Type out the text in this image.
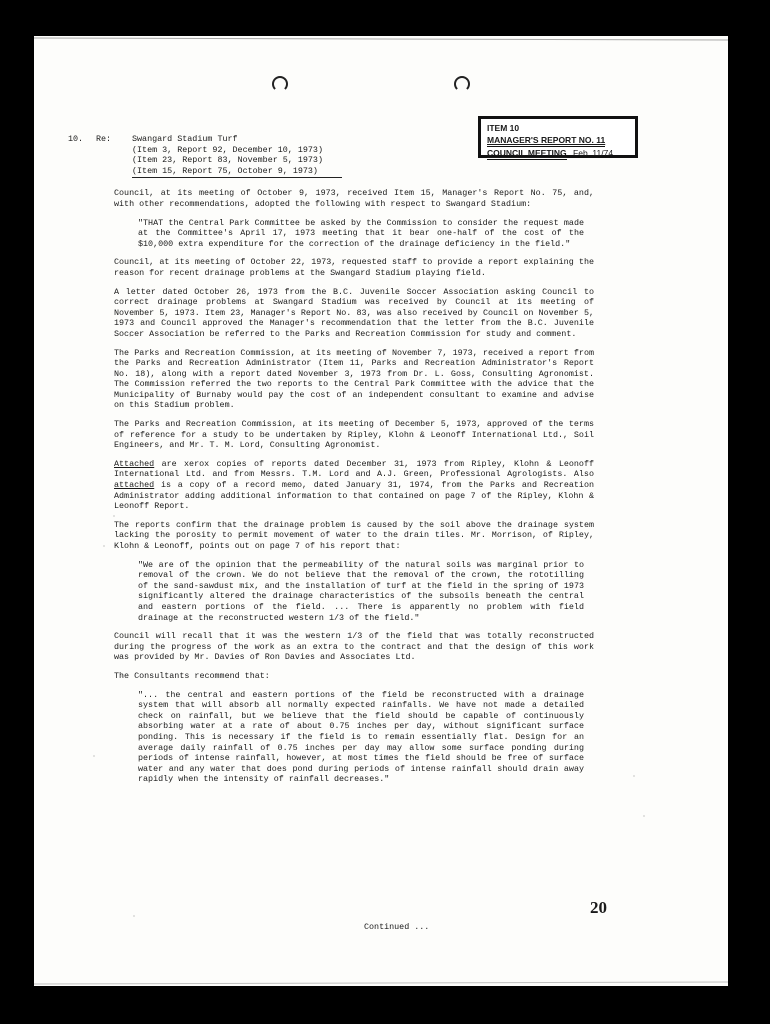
ITEM 10
MANAGER'S REPORT NO. 11
COUNCIL MEETING Feb. 11/74
10. Re: Swangard Stadium Turf
(Item 3, Report 92, December 10, 1973)
(Item 23, Report 83, November 5, 1973)
(Item 15, Report 75, October 9, 1973)

Council, at its meeting of October 9, 1973, received Item 15, Manager's Report No. 75, and, with other recommendations, adopted the following with respect to Swangard Stadium:

"THAT the Central Park Committee be asked by the Commission to consider the request made at the Committee's April 17, 1973 meeting that it bear one-half of the cost of the $10,000 extra expenditure for the correction of the drainage deficiency in the field."

Council, at its meeting of October 22, 1973, requested staff to provide a report explaining the reason for recent drainage problems at the Swangard Stadium playing field.

A letter dated October 26, 1973 from the B.C. Juvenile Soccer Association asking Council to correct drainage problems at Swangard Stadium was received by Council at its meeting of November 5, 1973. Item 23, Manager's Report No. 83, was also received by Council on November 5, 1973 and Council approved the Manager's recommendation that the letter from the B.C. Juvenile Soccer Association be referred to the Parks and Recreation Commission for study and comment.

The Parks and Recreation Commission, at its meeting of November 7, 1973, received a report from the Parks and Recreation Administrator (Item 11, Parks and Recreation Administrator's Report No. 18), along with a report dated November 3, 1973 from Dr. L. Goss, Consulting Agronomist. The Commission referred the two reports to the Central Park Committee with the advice that the Municipality of Burnaby would pay the cost of an independent consultant to examine and advise on this Stadium problem.

The Parks and Recreation Commission, at its meeting of December 5, 1973, approved of the terms of reference for a study to be undertaken by Ripley, Klohn & Leonoff International Ltd., Soil Engineers, and Mr. T. M. Lord, Consulting Agronomist.

Attached are xerox copies of reports dated December 31, 1973 from Ripley, Klohn & Leonoff International Ltd. and from Messrs. T.M. Lord and A.J. Green, Professional Agrologists. Also attached is a copy of a record memo, dated January 31, 1974, from the Parks and Recreation Administrator adding additional information to that contained on page 7 of the Ripley, Klohn & Leonoff Report.

The reports confirm that the drainage problem is caused by the soil above the drainage system lacking the porosity to permit movement of water to the drain tiles. Mr. Morrison, of Ripley, Klohn & Leonoff, points out on page 7 of his report that:

"We are of the opinion that the permeability of the natural soils was marginal prior to removal of the crown. We do not believe that the removal of the crown, the rototilling of the sand-sawdust mix, and the installation of turf at the field in the spring of 1973 significantly altered the drainage characteristics of the subsoils beneath the central and eastern portions of the field. ... There is apparently no problem with field drainage at the reconstructed western 1/3 of the field."

Council will recall that it was the western 1/3 of the field that was totally reconstructed during the progress of the work as an extra to the contract and that the design of this work was provided by Mr. Davies of Ron Davies and Associates Ltd.

The Consultants recommend that:

"... the central and eastern portions of the field be reconstructed with a drainage system that will absorb all normally expected rainfalls. We have not made a detailed check on rainfall, but we believe that the field should be capable of continuously absorbing water at a rate of about 0.75 inches per day, without significant surface ponding. This is necessary if the field is to remain essentially flat. Design for an average daily rainfall of 0.75 inches per day may allow some surface ponding during periods of intense rainfall, however, at most times the field should be free of surface water and any water that does pond during periods of intense rainfall should drain away rapidly when the intensity of rainfall decreases."

20
Continued ...
